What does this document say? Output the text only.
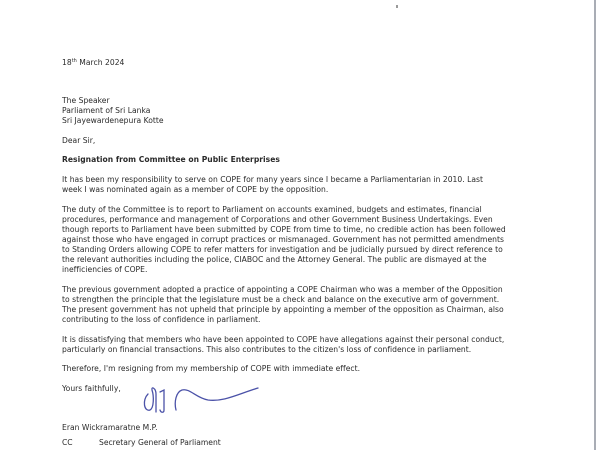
18th March 2024
The Speaker
Parliament of Sri Lanka
Sri Jayewardenepura Kotte
Dear Sir,
Resignation from Committee on Public Enterprises
It has been my responsibility to serve on COPE for many years since I became a Parliamentarian in 2010. Last
week I was nominated again as a member of COPE by the opposition.
The duty of the Committee is to report to Parliament on accounts examined, budgets and estimates, financial
procedures, performance and management of Corporations and other Government Business Undertakings. Even
though reports to Parliament have been submitted by COPE from time to time, no credible action has been followed
against those who have engaged in corrupt practices or mismanaged. Government has not permitted amendments
to Standing Orders allowing COPE to refer matters for investigation and be judicially pursued by direct reference to
the relevant authorities including the police, CIABOC and the Attorney General. The public are dismayed at the
inefficiencies of COPE.
The previous government adopted a practice of appointing a COPE Chairman who was a member of the Opposition
to strengthen the principle that the legislature must be a check and balance on the executive arm of government.
The present government has not upheld that principle by appointing a member of the opposition as Chairman, also
contributing to the loss of confidence in parliament.
It is dissatisfying that members who have been appointed to COPE have allegations against their personal conduct,
particularly on financial transactions. This also contributes to the citizen's loss of confidence in parliament.
Therefore, I'm resigning from my membership of COPE with immediate effect.
Yours faithfully,
Eran Wickramaratne M.P.
CC	Secretary General of Parliament
